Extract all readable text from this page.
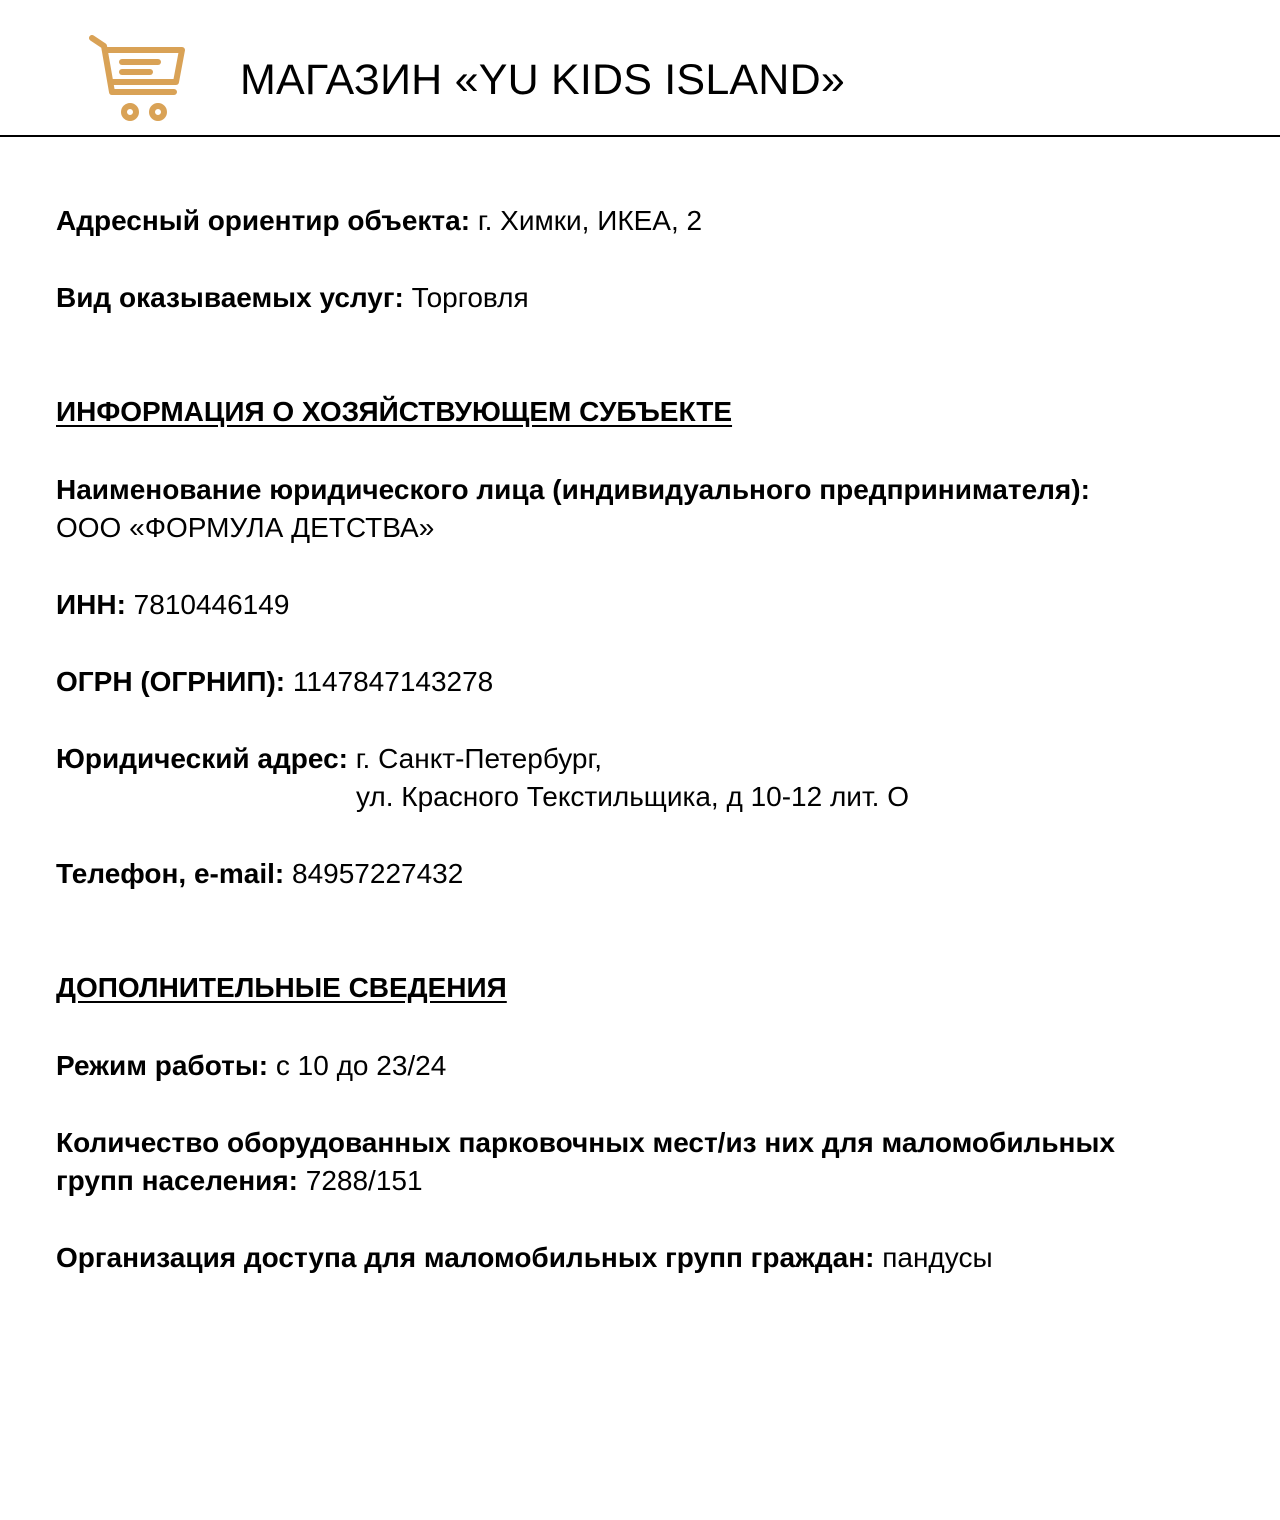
МАГАЗИН «YU KIDS ISLAND»
Адресный ориентир объекта: г. Химки, ИКЕА, 2
Вид оказываемых услуг: Торговля
ИНФОРМАЦИЯ О ХОЗЯЙСТВУЮЩЕМ СУБЪЕКТЕ
Наименование юридического лица (индивидуального предпринимателя):
ООО «ФОРМУЛА ДЕТСТВА»
ИНН: 7810446149
ОГРН (ОГРНИП): 1147847143278
Юридический адрес: г. Санкт-Петербург,
ул. Красного Текстильщика, д 10-12 лит. О
Телефон, e-mail: 84957227432
ДОПОЛНИТЕЛЬНЫЕ СВЕДЕНИЯ
Режим работы: с 10 до 23/24
Количество оборудованных парковочных мест/из них для маломобильных
групп населения: 7288/151
Организация доступа для маломобильных групп граждан: пандусы
